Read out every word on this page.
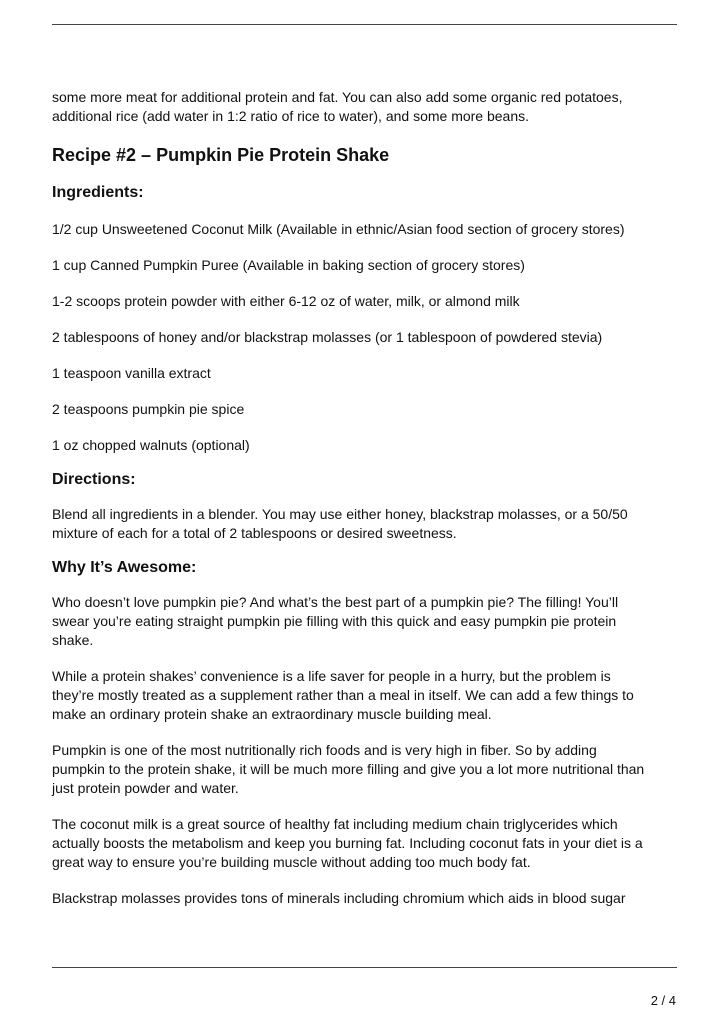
some more meat for additional protein and fat. You can also add some organic red potatoes,
additional rice (add water in 1:2 ratio of rice to water), and some more beans.
Recipe #2 – Pumpkin Pie Protein Shake
Ingredients:
1/2 cup Unsweetened Coconut Milk (Available in ethnic/Asian food section of grocery stores)
1 cup Canned Pumpkin Puree (Available in baking section of grocery stores)
1-2 scoops protein powder with either 6-12 oz of water, milk, or almond milk
2 tablespoons of honey and/or blackstrap molasses (or 1 tablespoon of powdered stevia)
1 teaspoon vanilla extract
2 teaspoons pumpkin pie spice
1 oz chopped walnuts (optional)
Directions:
Blend all ingredients in a blender. You may use either honey, blackstrap molasses, or a 50/50
mixture of each for a total of 2 tablespoons or desired sweetness.
Why It’s Awesome:
Who doesn’t love pumpkin pie? And what’s the best part of a pumpkin pie? The filling! You’ll
swear you’re eating straight pumpkin pie filling with this quick and easy pumpkin pie protein
shake.
While a protein shakes’ convenience is a life saver for people in a hurry, but the problem is
they’re mostly treated as a supplement rather than a meal in itself. We can add a few things to
make an ordinary protein shake an extraordinary muscle building meal.
Pumpkin is one of the most nutritionally rich foods and is very high in fiber. So by adding
pumpkin to the protein shake, it will be much more filling and give you a lot more nutritional than
just protein powder and water.
The coconut milk is a great source of healthy fat including medium chain triglycerides which
actually boosts the metabolism and keep you burning fat. Including coconut fats in your diet is a
great way to ensure you’re building muscle without adding too much body fat.
Blackstrap molasses provides tons of minerals including chromium which aids in blood sugar
2 / 4
